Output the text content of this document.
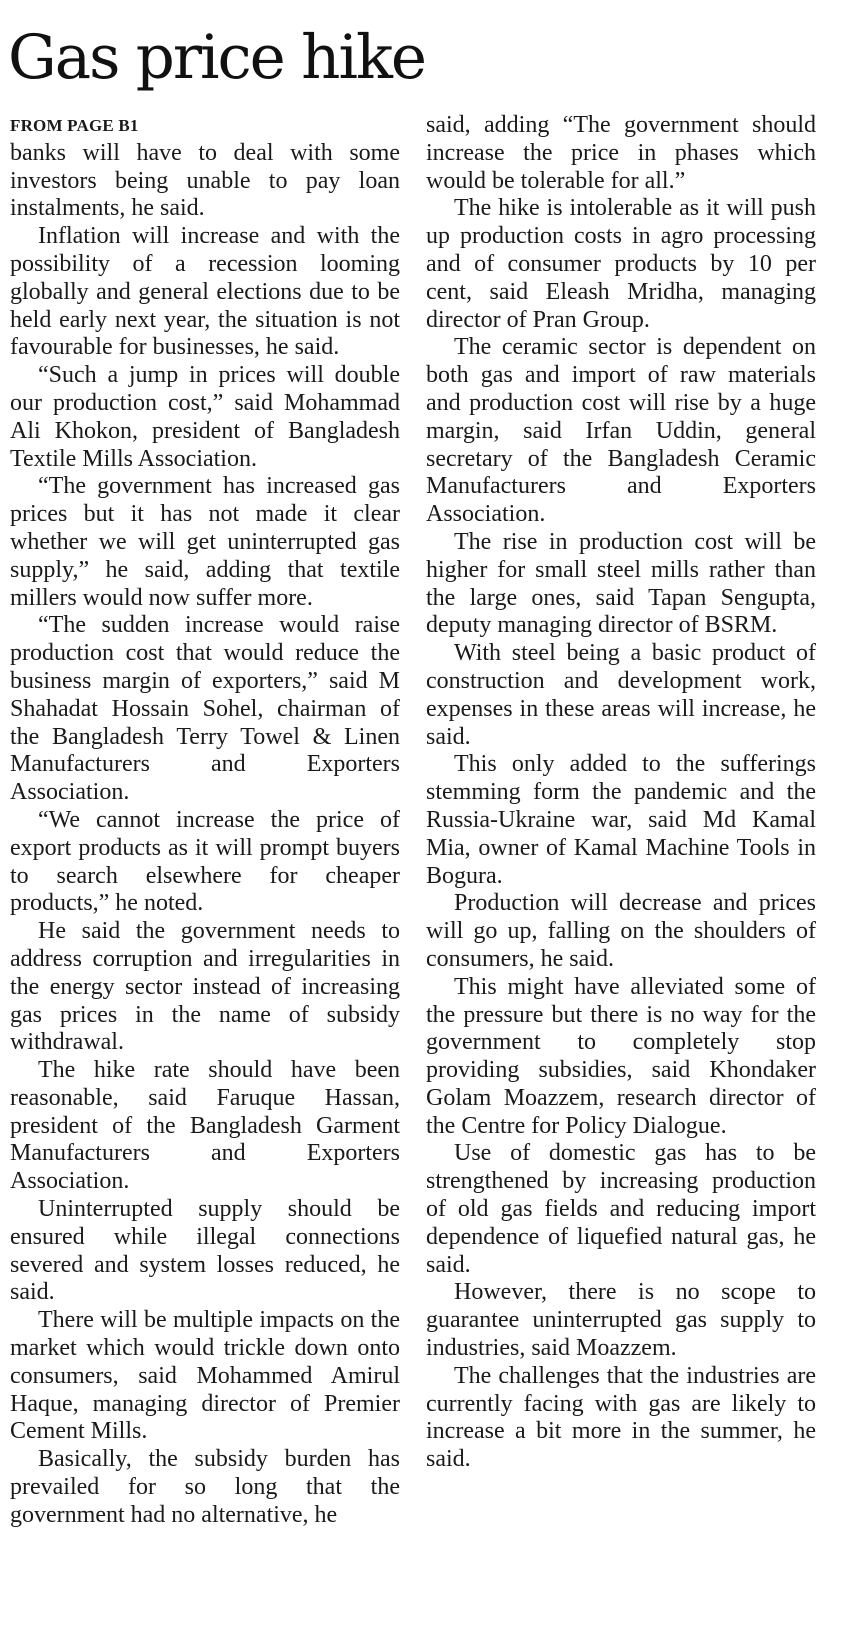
Gas price hike
FROM PAGE B1

banks will have to deal with some investors being unable to pay loan instalments, he said.

Inflation will increase and with the possibility of a recession looming globally and general elections due to be held early next year, the situation is not favourable for businesses, he said.

“Such a jump in prices will double our production cost,” said Mohammad Ali Khokon, president of Bangladesh Textile Mills Association.

“The government has increased gas prices but it has not made it clear whether we will get uninterrupted gas supply,” he said, adding that textile millers would now suffer more.

“The sudden increase would raise production cost that would reduce the business margin of exporters,” said M Shahadat Hossain Sohel, chairman of the Bangladesh Terry Towel & Linen Manufacturers and Exporters Association.

“We cannot increase the price of export products as it will prompt buyers to search elsewhere for cheaper products,” he noted.

He said the government needs to address corruption and irregularities in the energy sector instead of increasing gas prices in the name of subsidy withdrawal.

The hike rate should have been reasonable, said Faruque Hassan, president of the Bangladesh Garment Manufacturers and Exporters Association.

Uninterrupted supply should be ensured while illegal connections severed and system losses reduced, he said.

There will be multiple impacts on the market which would trickle down onto consumers, said Mohammed Amirul Haque, managing director of Premier Cement Mills.

Basically, the subsidy burden has prevailed for so long that the government had no alternative, he

said, adding “The government should increase the price in phases which would be tolerable for all.”

The hike is intolerable as it will push up production costs in agro processing and of consumer products by 10 per cent, said Eleash Mridha, managing director of Pran Group.

The ceramic sector is dependent on both gas and import of raw materials and production cost will rise by a huge margin, said Irfan Uddin, general secretary of the Bangladesh Ceramic Manufacturers and Exporters Association.

The rise in production cost will be higher for small steel mills rather than the large ones, said Tapan Sengupta, deputy managing director of BSRM.

With steel being a basic product of construction and development work, expenses in these areas will increase, he said.

This only added to the sufferings stemming form the pandemic and the Russia-Ukraine war, said Md Kamal Mia, owner of Kamal Machine Tools in Bogura.

Production will decrease and prices will go up, falling on the shoulders of consumers, he said.

This might have alleviated some of the pressure but there is no way for the government to completely stop providing subsidies, said Khondaker Golam Moazzem, research director of the Centre for Policy Dialogue.

Use of domestic gas has to be strengthened by increasing production of old gas fields and reducing import dependence of liquefied natural gas, he said.

However, there is no scope to guarantee uninterrupted gas supply to industries, said Moazzem.

The challenges that the industries are currently facing with gas are likely to increase a bit more in the summer, he said.
